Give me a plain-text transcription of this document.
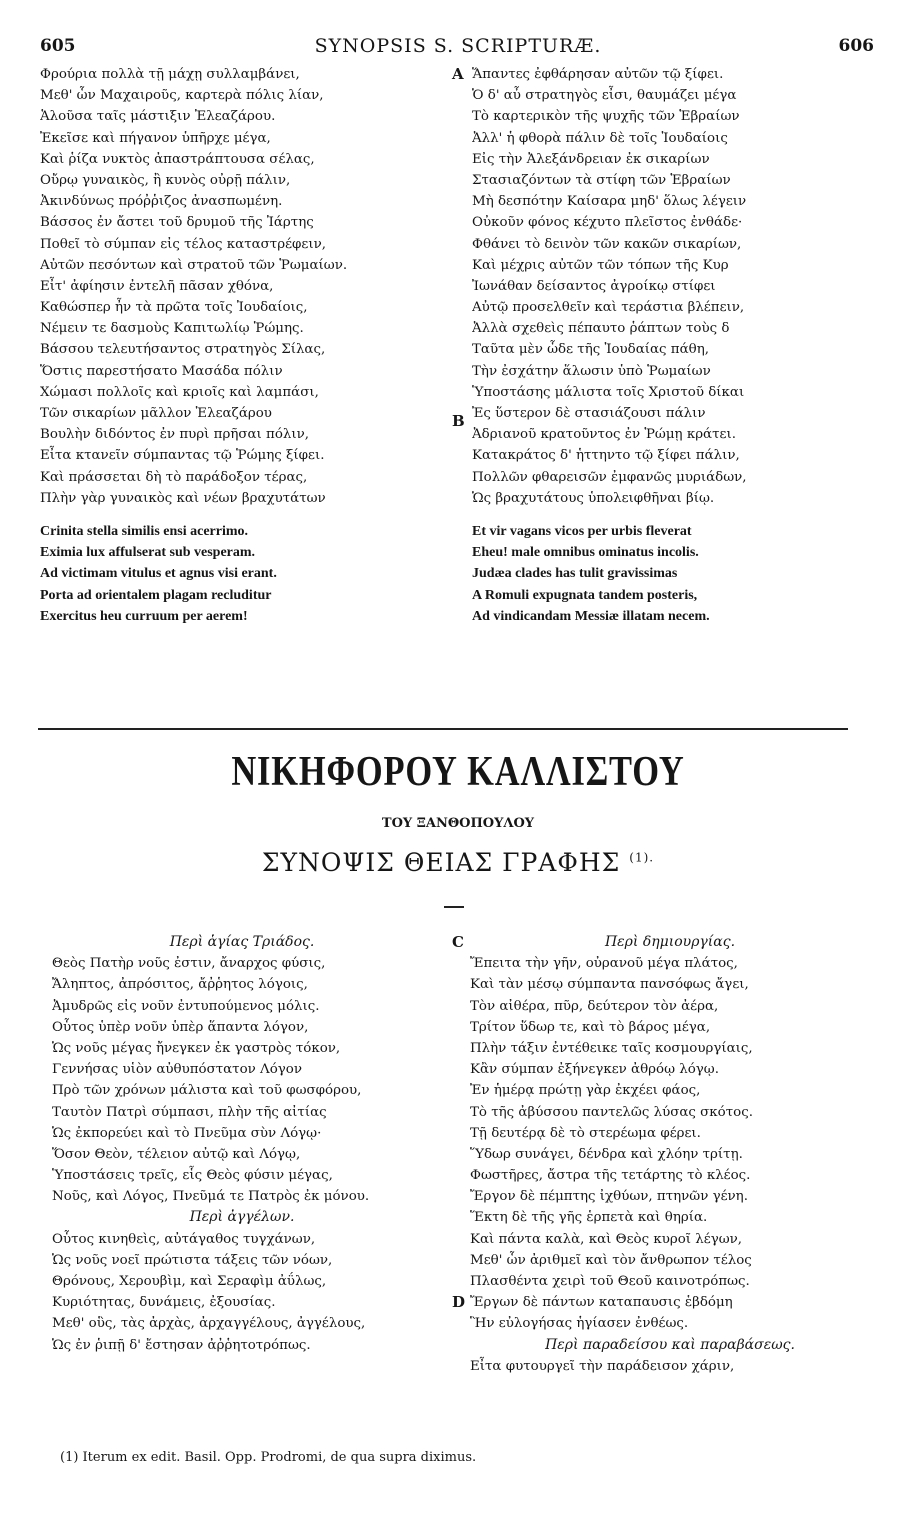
605	SYNOPSIS S. SCRIPTURÆ.	606
Φρούρια πολλὰ τῇ μάχῃ συλλαμβάνει,
Μεθ' ὧν Μαχαιροῦς, καρτερὰ πόλις λίαν,
Ἁλοῦσα ταῖς μάστιξιν Ἐλεαζάρου.
Ἐκεῖσε καὶ πήγανον ὑπῆρχε μέγα,
Καὶ ῥίζα νυκτὸς ἀπαστράπτουσα σέλας,
Οὔρῳ γυναικὸς, ἢ κυνὸς οὐρῇ πάλιν,
Ἀκινδύνως πρόῤῥιζος ἀνασπωμένη.
Βάσσος ἐν ἄστει τοῦ δρυμοῦ τῆς Ἰάρτης
Ποθεῖ τὸ σύμπαν εἰς τέλος καταστρέφειν,
Αὐτῶν πεσόντων καὶ στρατοῦ τῶν Ῥωμαίων.
Εἶτ' ἀφίησιν ἐντελῆ πᾶσαν χθόνα,
Καθώσπερ ἦν τὰ πρῶτα τοῖς Ἰουδαίοις,
Νέμειν τε δασμοὺς Καπιτωλίῳ Ῥώμης.
Βάσσου τελευτήσαντος στρατηγὸς Σίλας,
Ὅστις παρεστήσατο Μασάδα πόλιν
Χώμασι πολλοῖς καὶ κριοῖς καὶ λαμπάσι,
Τῶν σικαρίων μᾶλλον Ἐλεαζάρου
Βουλὴν διδόντος ἐν πυρὶ πρῆσαι πόλιν,
Εἶτα κτανεῖν σύμπαντας τῷ Ῥώμης ξίφει.
Καὶ πράσσεται δὴ τὸ παράδοξον τέρας,
Πλὴν γὰρ γυναικὸς καὶ νέων βραχυτάτων
Crinita stella similis ensi acerrimo.
Eximia lux affulserat sub vesperam.
Ad victimam vitulus et agnus visi erant.
Porta ad orientalem plagam recluditur
Exercitus heu curruum per aerem!
Ἅπαντες ἐφθάρησαν αὐτῶν τῷ ξίφει.
Ὁ δ' αὖ στρατηγὸς εἶσι, θαυμάζει μέγα
Τὸ καρτερικὸν τῆς ψυχῆς τῶν Ἑβραίων
Ἀλλ' ἡ φθορὰ πάλιν δὲ τοῖς Ἰουδαίοις
Εἰς τὴν Ἀλεξάνδρειαν ἐκ σικαρίων
Στασιαζόντων τὰ στίφη τῶν Ἑβραίων
Μὴ δεσπότην Καίσαρα μηδ' ὅλως λέγειν
Οὐκοῦν φόνος κέχυτο πλεῖστος ἐνθάδε·
Φθάνει τὸ δεινὸν τῶν κακῶν σικαρίων,
Καὶ μέχρις αὐτῶν τῶν τόπων τῆς Κυρ
Ἰωνάθαν δείσαντος ἀγροίκῳ στίφει
Αὐτῷ προσελθεῖν καὶ τεράστια βλέπειν,
Ἀλλὰ σχεθεὶς πέπαυτο ῥάπτων τοὺς δ
Ταῦτα μὲν ὧδε τῆς Ἰουδαίας πάθη,
Τὴν ἐσχάτην ἅλωσιν ὑπὸ Ῥωμαίων
Ὑποστάσης μάλιστα τοῖς Χριστοῦ δίκαι
Ἐς ὕστερον δὲ στασιάζουσι πάλιν
Ἀδριανοῦ κρατοῦντος ἐν Ῥώμῃ κράτει.
Κατακράτος δ' ἡττηντο τῷ ξίφει πάλιν,
Πολλῶν φθαρεισῶν ἐμφανῶς μυριάδων,
Ὡς βραχυτάτους ὑπολειφθῆναι βίῳ.
Et vir vagans vicos per urbis fleverat
Eheu! male omnibus ominatus incolis.
Judæa clades has tulit gravissimas
A Romuli expugnata tandem posteris,
Ad vindicandam Messiæ illatam necem.
A
B
C
D
ΝΙΚΗΦΟΡΟΥ ΚΑΛΛΙΣΤΟΥ
ΤΟΥ ΞΑΝΘΟΠΟΥΛΟΥ
ΣΥΝΟΨΙΣ ΘΕΙΑΣ ΓΡΑΦΗΣ $^{(1).}$
Περὶ ἁγίας Τριάδος.
Θεὸς Πατὴρ νοῦς ἐστιν, ἄναρχος φύσις,
Ἄληπτος, ἀπρόσιτος, ἄῤῥητος λόγοις,
Ἀμυδρῶς εἰς νοῦν ἐντυπούμενος μόλις.
Οὗτος ὑπὲρ νοῦν ὑπὲρ ἅπαντα λόγον,
Ὡς νοῦς μέγας ἤνεγκεν ἐκ γαστρὸς τόκον,
Γεννήσας υἱὸν αὐθυπόστατον Λόγον
Πρὸ τῶν χρόνων μάλιστα καὶ τοῦ φωσφόρου,
Ταυτὸν Πατρὶ σύμπασι, πλὴν τῆς αἰτίας
Ὡς ἐκπορεύει καὶ τὸ Πνεῦμα σὺν Λόγῳ·
Ὅσον Θεὸν, τέλειον αὐτῷ καὶ Λόγῳ,
Ὑποστάσεις τρεῖς, εἷς Θεὸς φύσιν μέγας,
Νοῦς, καὶ Λόγος, Πνεῦμά τε Πατρὸς ἐκ μόνου.
Περὶ ἀγγέλων.
Οὗτος κινηθεὶς, αὐτάγαθος τυγχάνων,
Ὡς νοῦς νοεῖ πρώτιστα τάξεις τῶν νόων,
Θρόνους, Χερουβὶμ, καὶ Σεραφὶμ ἀΰλως,
Κυριότητας, δυνάμεις, ἐξουσίας.
Μεθ' οὓς, τὰς ἀρχὰς, ἀρχαγγέλους, ἀγγέλους,
Ὡς ἐν ῥιπῇ δ' ἔστησαν ἀῤῥητοτρόπως.
Περὶ δημιουργίας.
Ἔπειτα τὴν γῆν, οὐρανοῦ μέγα πλάτος,
Καὶ τὰν μέσῳ σύμπαντα πανσόφως ἄγει,
Τὸν αἰθέρα, πῦρ, δεύτερον τὸν ἀέρα,
Τρίτον ὕδωρ τε, καὶ τὸ βάρος μέγα,
Πλὴν τάξιν ἐντέθεικε ταῖς κοσμουργίαις,
Κἂν σύμπαν ἐξήνεγκεν ἀθρόῳ λόγῳ.
Ἐν ἡμέρᾳ πρώτῃ γὰρ ἐκχέει φάος,
Τὸ τῆς ἀβύσσου παντελῶς λύσας σκότος.
Τῇ δευτέρᾳ δὲ τὸ στερέωμα φέρει.
Ὕδωρ συνάγει, δένδρα καὶ χλόην τρίτῃ.
Φωστῆρες, ἄστρα τῆς τετάρτης τὸ κλέος.
Ἔργον δὲ πέμπτης ἰχθύων, πτηνῶν γένη.
Ἕκτη δὲ τῆς γῆς ἑρπετὰ καὶ θηρία.
Καὶ πάντα καλὰ, καὶ Θεὸς κυροῖ λέγων,
Μεθ' ὧν ἀριθμεῖ καὶ τὸν ἄνθρωπον τέλος
Πλασθέντα χειρὶ τοῦ Θεοῦ καινοτρόπως.
Ἔργων δὲ πάντων καταπαυσις ἑβδόμη
Ἣν εὐλογήσας ἡγίασεν ἐνθέως.
Περὶ παραδείσου καὶ παραβάσεως.
Εἶτα φυτουργεῖ τὴν παράδεισον χάριν,
(1) Iterum ex edit. Basil. Opp. Prodromi, de qua supra diximus.
